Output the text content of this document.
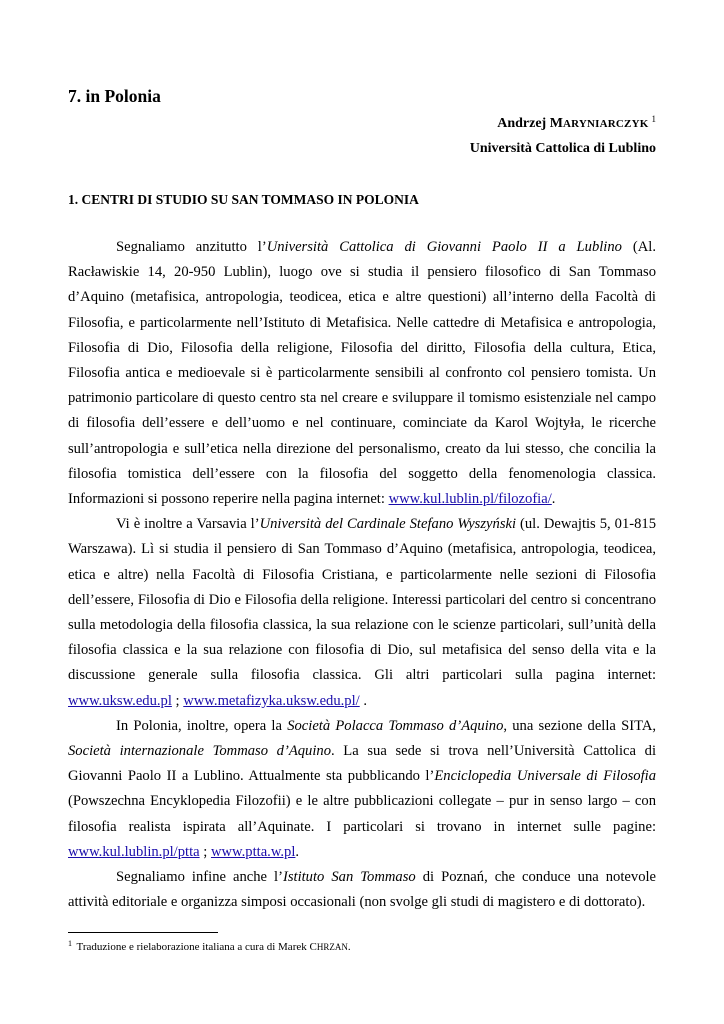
7. in Polonia
Andrzej MARYNIARCZYK $^1$
Università Cattolica di Lublino
1. CENTRI DI STUDIO SU SAN TOMMASO IN POLONIA

Segnaliamo anzitutto l’Università Cattolica di Giovanni Paolo II a Lublino (Al. Racławiskie 14, 20-950 Lublin), luogo ove si studia il pensiero filosofico di San Tommaso d’Aquino (metafisica, antropologia, teodicea, etica e altre questioni) all’interno della Facoltà di Filosofia, e particolarmente nell’Istituto di Metafisica. Nelle cattedre di Metafisica e antropologia, Filosofia di Dio, Filosofia della religione, Filosofia del diritto, Filosofia della cultura, Etica, Filosofia antica e medioevale si è particolarmente sensibili al confronto col pensiero tomista. Un patrimonio particolare di questo centro sta nel creare e sviluppare il tomismo esistenziale nel campo di filosofia dell’essere e dell’uomo e nel continuare, cominciate da Karol Wojtyła, le ricerche sull’antropologia e sull’etica nella direzione del personalismo, creato da lui stesso, che concilia la filosofia tomistica dell’essere con la filosofia del soggetto della fenomenologia classica. Informazioni si possono reperire nella pagina internet: www.kul.lublin.pl/filozofia/.

Vi è inoltre a Varsavia l’Università del Cardinale Stefano Wyszyński (ul. Dewajtis 5, 01-815 Warszawa). Lì si studia il pensiero di San Tommaso d’Aquino (metafisica, antropologia, teodicea, etica e altre) nella Facoltà di Filosofia Cristiana, e particolarmente nelle sezioni di Filosofia dell’essere, Filosofia di Dio e Filosofia della religione. Interessi particolari del centro si concentrano sulla metodologia della filosofia classica, la sua relazione con le scienze particolari, sull’unità della filosofia classica e la sua relazione con filosofia di Dio, sul metafisica del senso della vita e la discussione generale sulla filosofia classica. Gli altri particolari sulla pagina internet: www.uksw.edu.pl ; www.metafizyka.uksw.edu.pl/ .

In Polonia, inoltre, opera la Società Polacca Tommaso d’Aquino, una sezione della SITA, Società internazionale Tommaso d’Aquino. La sua sede si trova nell’Università Cattolica di Giovanni Paolo II a Lublino. Attualmente sta pubblicando l’Enciclopedia Universale di Filosofia (Powszechna Encyklopedia Filozofii) e le altre pubblicazioni collegate – pur in senso largo – con filosofia realista ispirata all’Aquinate. I particolari si trovano in internet sulle pagine: www.kul.lublin.pl/ptta ; www.ptta.w.pl.

Segnaliamo infine anche l’Istituto San Tommaso di Poznań, che conduce una notevole attività editoriale e organizza simposi occasionali (non svolge gli studi di magistero e di dottorato).

$^1$ Traduzione e rielaborazione italiana a cura di Marek CHRZAN.
